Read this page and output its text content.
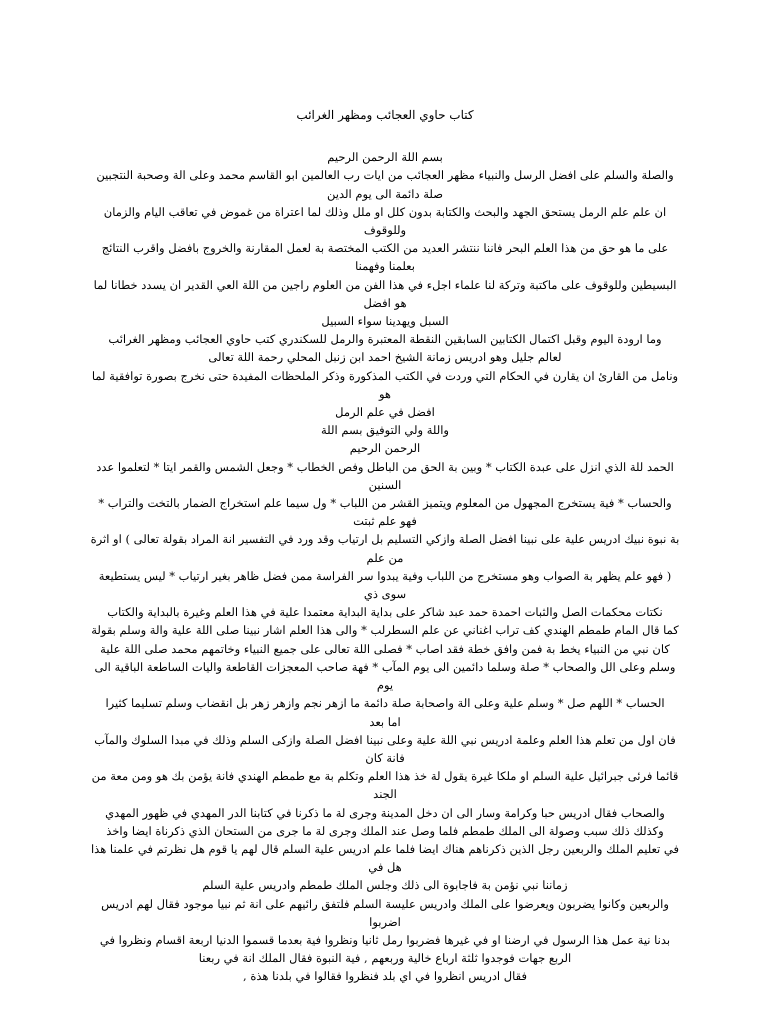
كتاب حاوي العجائب ومظهر الغرائب

بسم اللة الرحمن الرحيم

والصلة والسلم على افضل الرسل والنبياء مظهر العجائب من ايات رب العالمين ابو القاسم محمد وعلى الة وصحبة النتجبين

صلة دائمة الى يوم الدين

ان علم علم الرمل يستحق الجهد والبحث والكتابة بدون كلل او ملل وذلك لما اعتراة من غموض في تعاقب اليام والزمان وللوقوف

على ما هو حق من هذا العلم البحر فاننا ننتشر العديد من الكتب المختصة بة لعمل المقارنة والخروج بافضل واقرب النتائج بعلمنا وفهمنا

البسيطين وللوقوف على ماكتبة وتركة لنا علماء اجلء في هذا الفن من العلوم راجين من اللة العي القدير ان يسدد خطانا لما هو افضل

السبل ويهدينا سواء السبيل

وما ارودة اليوم وقبل اكتمال الكتابين السابقين النقطة المعتبرة والرمل للسكندري كتب حاوي العجائب ومظهر الغرائب

لعالم جليل وهو ادريس زمانة الشيخ احمد ابن زنبل المحلي رحمة اللة تعالى

ونامل من القارئ ان يقارن في الحكام التي وردت في الكتب المذكورة وذكر الملحظات المفيدة حتى نخرج بصورة توافقية لما هو

افضل في علم الرمل

واللة ولي التوفيق بسم اللة

الرحمن الرحيم

الحمد للة الذي انزل على عبدة الكتاب * وبين بة الحق من الباطل وفص الخطاب * وجعل الشمس والقمر ايتا * لتعلموا عدد السنين

والحساب * فية يستخرج المجهول من المعلوم ويتميز القشر من اللباب * ول سيما علم استخراج الضمار بالتخت والتراب * فهو علم ثبتت

بة نبوة نبيك ادريس علية على نبينا افضل الصلة وازكي التسليم بل ارتياب وقد ورد في التفسير انة المراد بقولة تعالى ) او اثرة من علم

( فهو علم يظهر بة الصواب وهو مستخرج من اللباب وفية يبدوا سر الفراسة ممن فضل ظاهر بغير ارتياب * ليس يستطيعة سوى ذي

نكتات محكمات الصل والثبات احمدة حمد عبد شاكر على بداية البداية معتمدا علية في هذا العلم وغيرة بالبداية والكتاب

كما قال المام طمطم الهندي كف تراب اغناني عن علم السطرلب * والى هذا العلم اشار نبينا صلى اللة علية والة وسلم بقولة

كان نبي من النبياء يخط بة فمن وافق خطة فقد اصاب * فصلى اللة تعالى على جميع النبياء وخاتمهم محمد صلى اللة علية

وسلم وعلى الل والصحاب * صلة وسلما دائمين الى يوم المآب * فهة صاحب المعجزات القاطعة واليات الساطعة الباقية الى يوم

الحساب * اللهم صل * وسلم علية وعلى الة واصحابة صلة دائمة ما ازهر نجم وازهر زهر بل انقضاب وسلم تسليما كثيرا

اما بعد

فان اول من تعلم هذا العلم وعلمة ادريس نبي اللة علية وعلى نبينا افضل الصلة وازكى السلم وذلك في مبدا السلوك والمآب فانة كان

قائما فرئى جبرائيل علية السلم او ملكا غيرة يقول لة خذ هذا العلم وتكلم بة مع طمطم الهندي فانة يؤمن بك هو ومن معة من الجند

والصحاب فقال ادريس حبا وكرامة وسار الى ان دخل المدينة وجرى لة ما ذكرنا في كتابنا الدر المهدي في ظهور المهدي

وكذلك ذلك سبب وصولة الى الملك طمطم فلما وصل عند الملك وجرى لة ما جرى من الستحان الذي ذكرناة ايضا واخذ

في تعليم الملك والربعين رجل الذين ذكرناهم هناك ايضا فلما علم ادريس علية السلم قال لهم يا قوم هل نظرتم في علمنا هذا هل في

زماننا نبي نؤمن بة فاجابوة الى ذلك وجلس الملك طمطم وادريس علية السلم

والربعين وكانوا يضربون ويعرضوا على الملك وادريس عليسة السلم فلتفق رائيهم على انة ثم نبيا موجود فقال لهم ادريس اضربوا

بدنا نية عمل هذا الرسول في ارضنا او في غيرها فضربوا رمل ثانيا ونظروا فية بعدما قسموا الدنيا اربعة اقسام ونظروا في

الربع جهات فوجدوا ثلثة ارباع خالية وربعهم , فية النبوة فقال الملك انة في ربعنا

فقال ادريس انظروا في اي بلد فنظروا فقالوا في بلدنا هذة ,
